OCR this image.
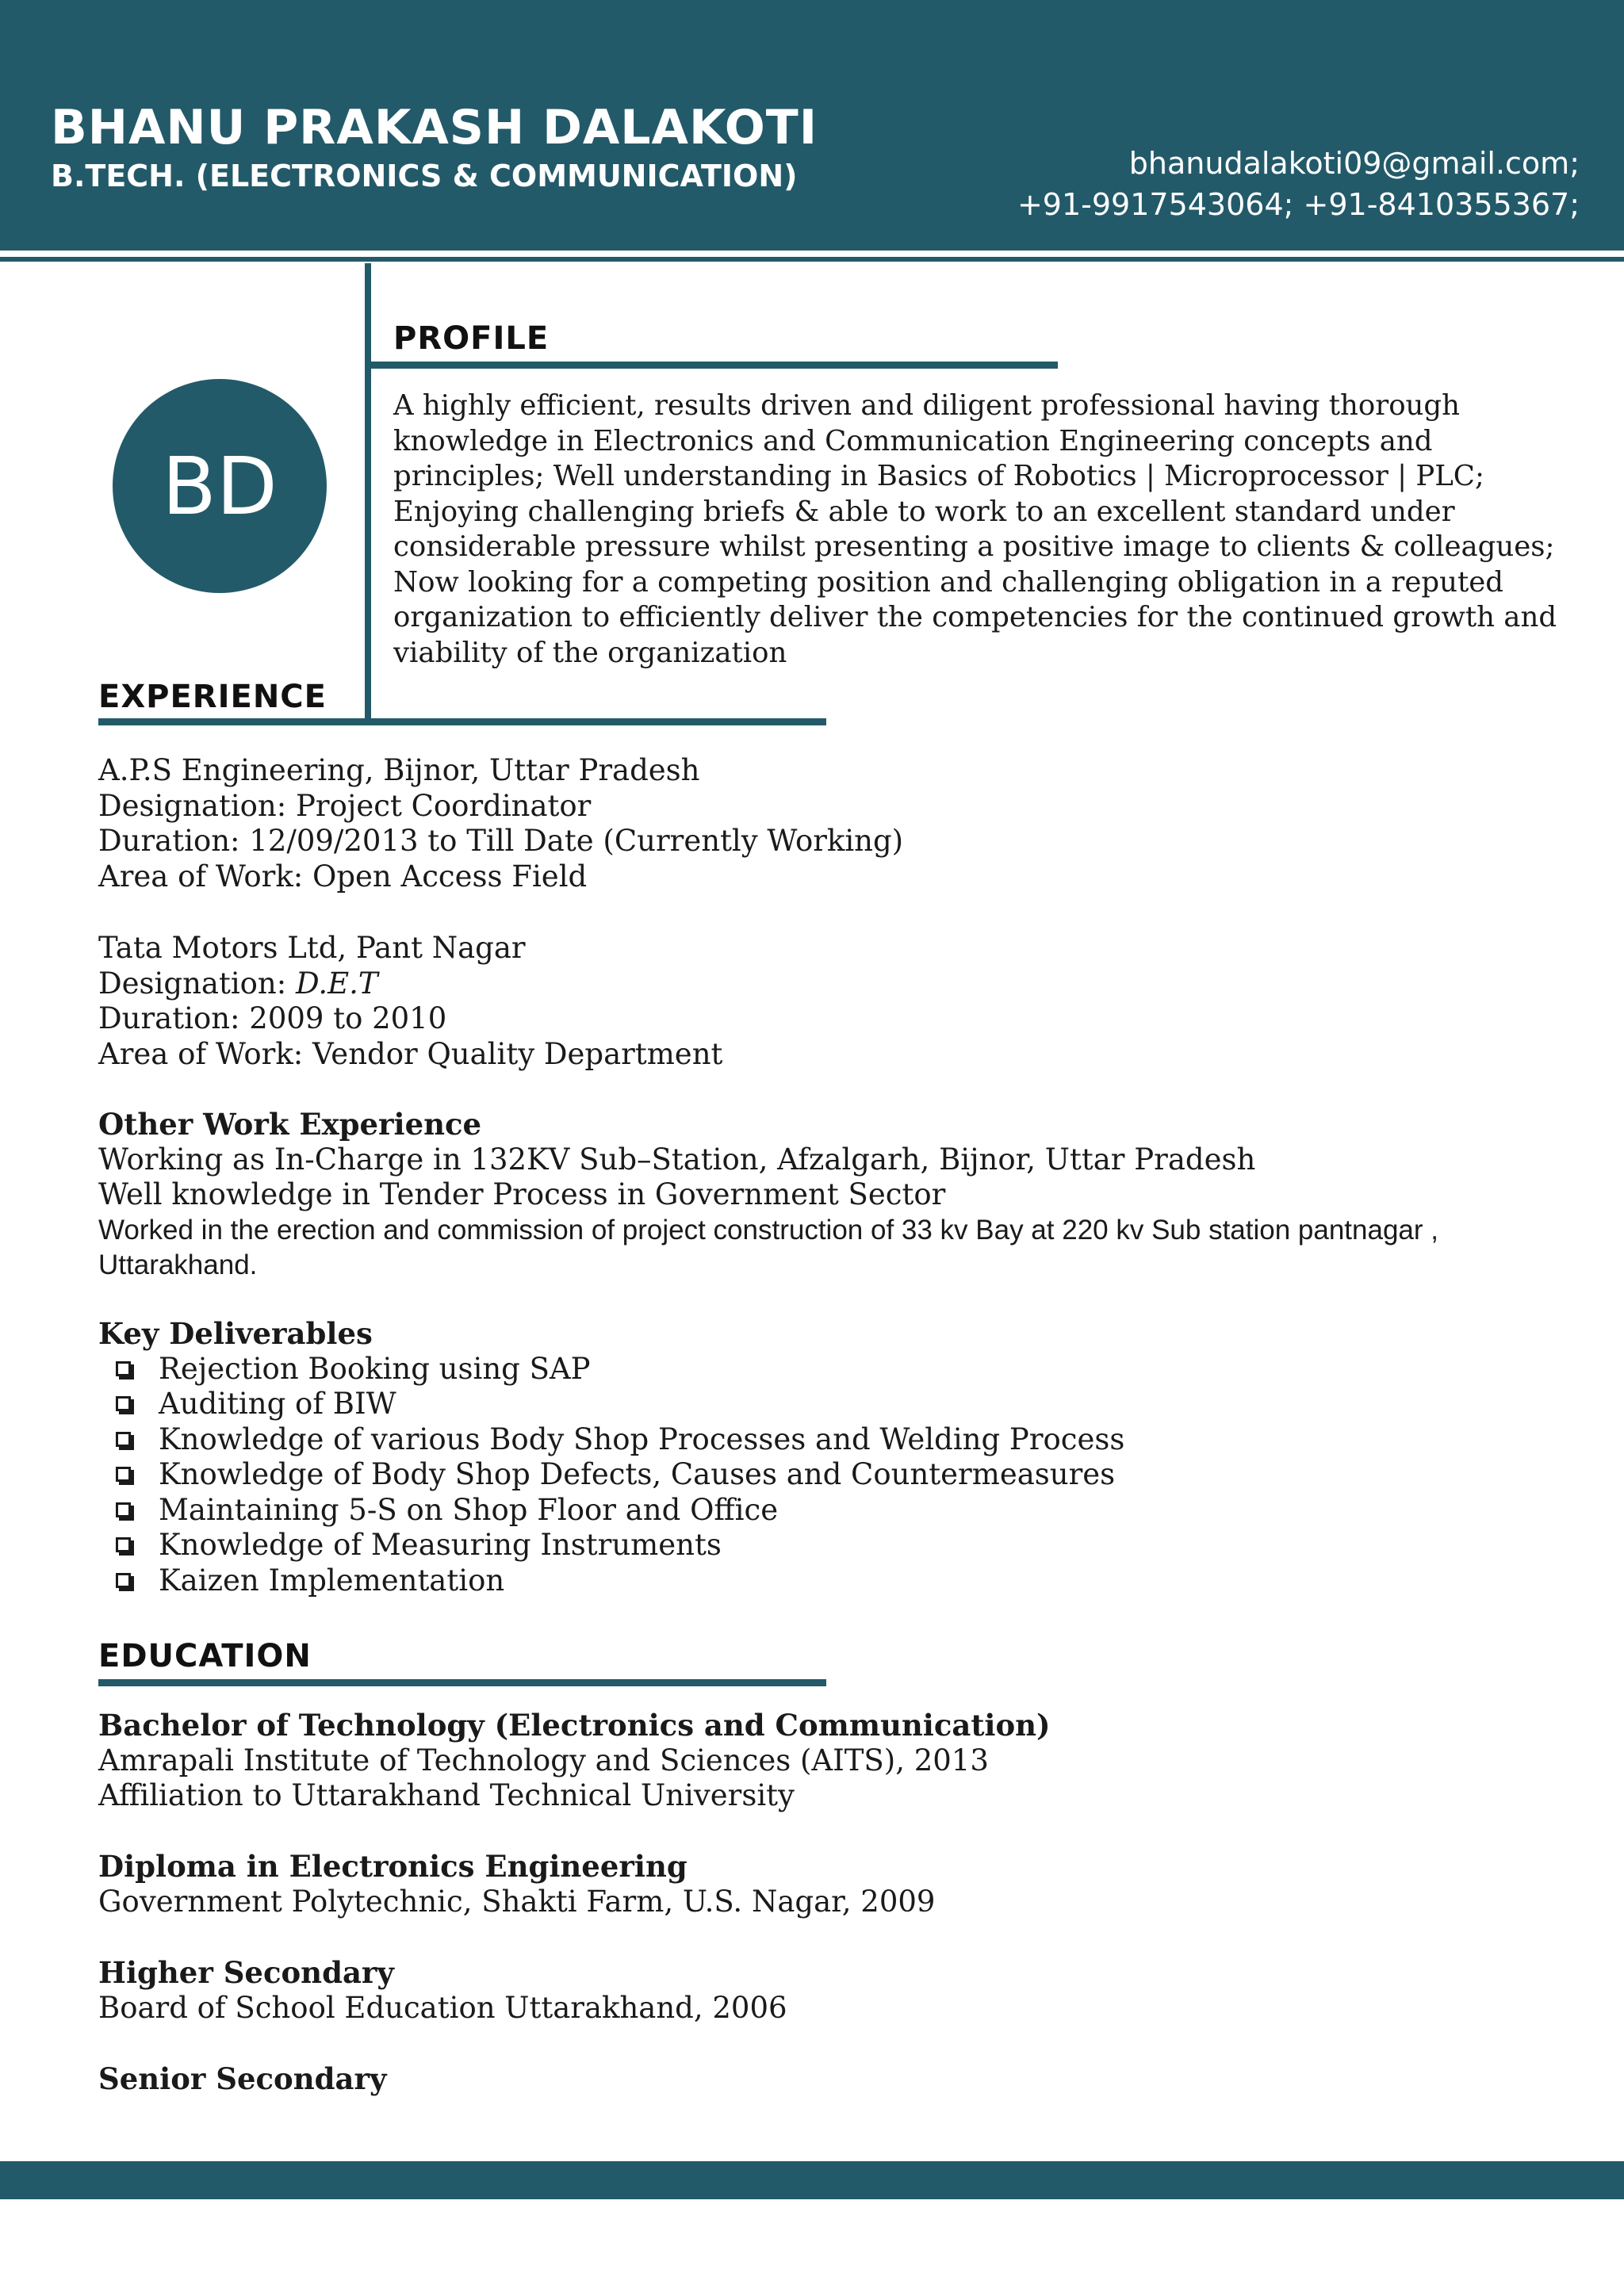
BHANU PRAKASH DALAKOTI
B.TECH. (ELECTRONICS & COMMUNICATION)	bhanudalakoti09@gmail.com;
+91-9917543064; +91-8410355367;
BD
PROFILE
A highly efficient, results driven and diligent professional having thorough knowledge in Electronics and Communication Engineering concepts and principles; Well understanding in Basics of Robotics | Microprocessor | PLC; Enjoying challenging briefs & able to work to an excellent standard under considerable pressure whilst presenting a positive image to clients & colleagues; Now looking for a competing position and challenging obligation in a reputed organization to efficiently deliver the competencies for the continued growth and viability of the organization
EXPERIENCE
A.P.S Engineering, Bijnor, Uttar Pradesh
Designation: Project Coordinator
Duration: 12/09/2013 to Till Date (Currently Working)
Area of Work: Open Access Field
Tata Motors Ltd, Pant Nagar
Designation: D.E.T
Duration: 2009 to 2010
Area of Work: Vendor Quality Department
Other Work Experience
Working as In-Charge in 132KV Sub–Station, Afzalgarh, Bijnor, Uttar Pradesh
Well knowledge in Tender Process in Government Sector
Worked in the erection and commission of project construction of 33 kv Bay at 220 kv Sub station pantnagar , Uttarakhand.
Key Deliverables
Rejection Booking using SAP
Auditing of BIW
Knowledge of various Body Shop Processes and Welding Process
Knowledge of Body Shop Defects, Causes and Countermeasures
Maintaining 5-S on Shop Floor and Office
Knowledge of Measuring Instruments
Kaizen Implementation
EDUCATION
Bachelor of Technology (Electronics and Communication)
Amrapali Institute of Technology and Sciences (AITS), 2013
Affiliation to Uttarakhand Technical University
Diploma in Electronics Engineering
Government Polytechnic, Shakti Farm, U.S. Nagar, 2009
Higher Secondary
Board of School Education Uttarakhand, 2006
Senior Secondary
